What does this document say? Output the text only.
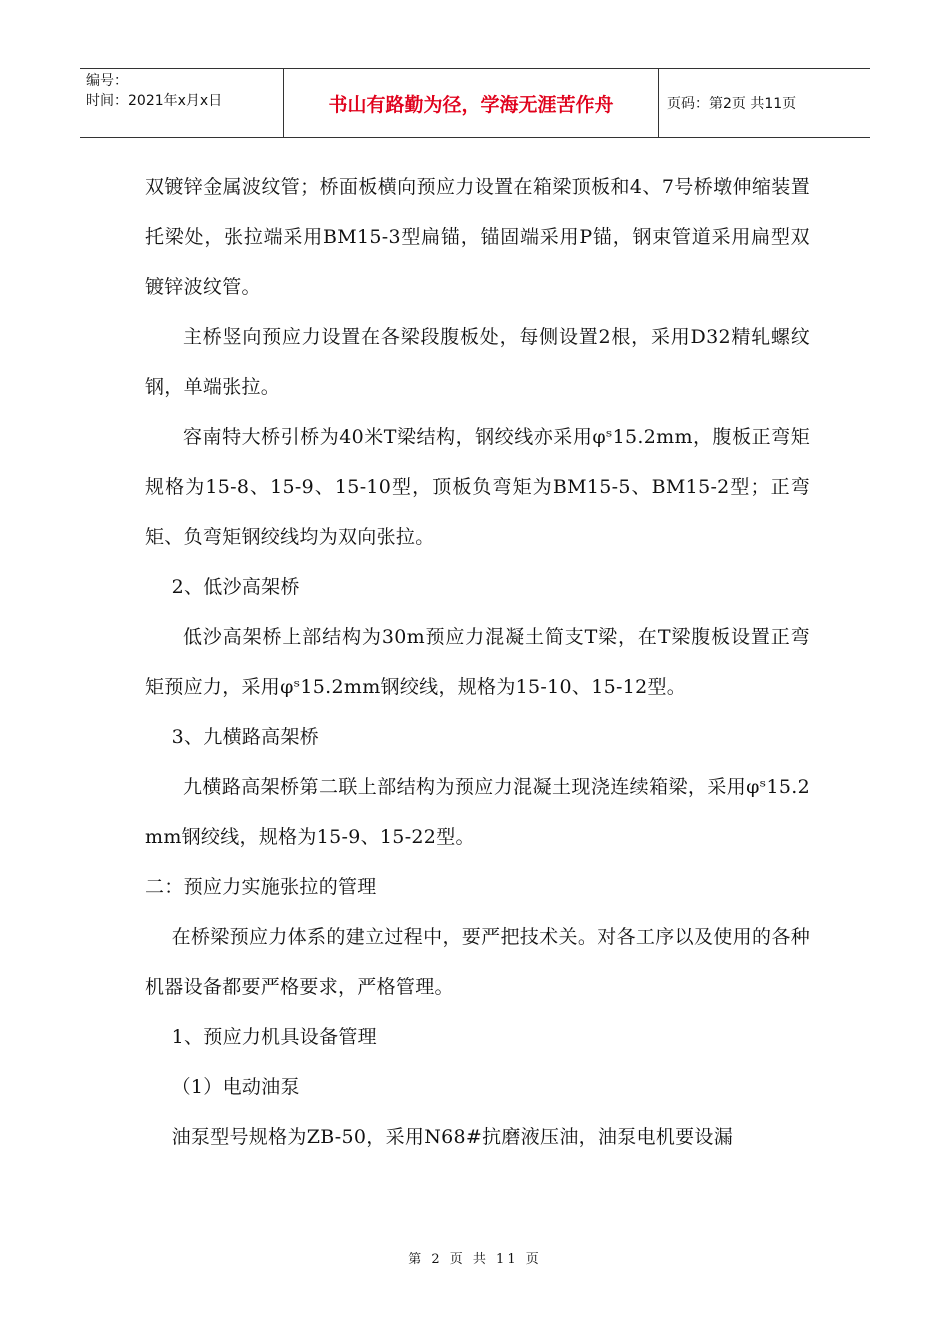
编号：
时间：2021年x月x日	书山有路勤为径，学海无涯苦作舟	页码：第2页 共11页

双镀锌金属波纹管；桥面板横向预应力设置在箱梁顶板和4、7号桥墩伸缩装置托梁处，张拉端采用BM15-3型扁锚，锚固端采用P锚，钢束管道采用扁型双镀锌波纹管。

主桥竖向预应力设置在各梁段腹板处，每侧设置2根，采用D32精轧螺纹钢，单端张拉。

容南特大桥引桥为40米T梁结构，钢绞线亦采用φˢ15.2mm，腹板正弯矩规格为15-8、15-9、15-10型，顶板负弯矩为BM15-5、BM15-2型；正弯矩、负弯矩钢绞线均为双向张拉。

2、低沙高架桥

低沙高架桥上部结构为30m预应力混凝土简支T梁，在T梁腹板设置正弯矩预应力，采用φˢ15.2mm钢绞线，规格为15-10、15-12型。

3、九横路高架桥

九横路高架桥第二联上部结构为预应力混凝土现浇连续箱梁，采用φˢ15.2mm钢绞线，规格为15-9、15-22型。

二：预应力实施张拉的管理

在桥梁预应力体系的建立过程中，要严把技术关。对各工序以及使用的各种机器设备都要严格要求，严格管理。

1、预应力机具设备管理

（1）电动油泵

油泵型号规格为ZB-50，采用N68#抗磨液压油，油泵电机要设漏

第 2 页 共 11 页
